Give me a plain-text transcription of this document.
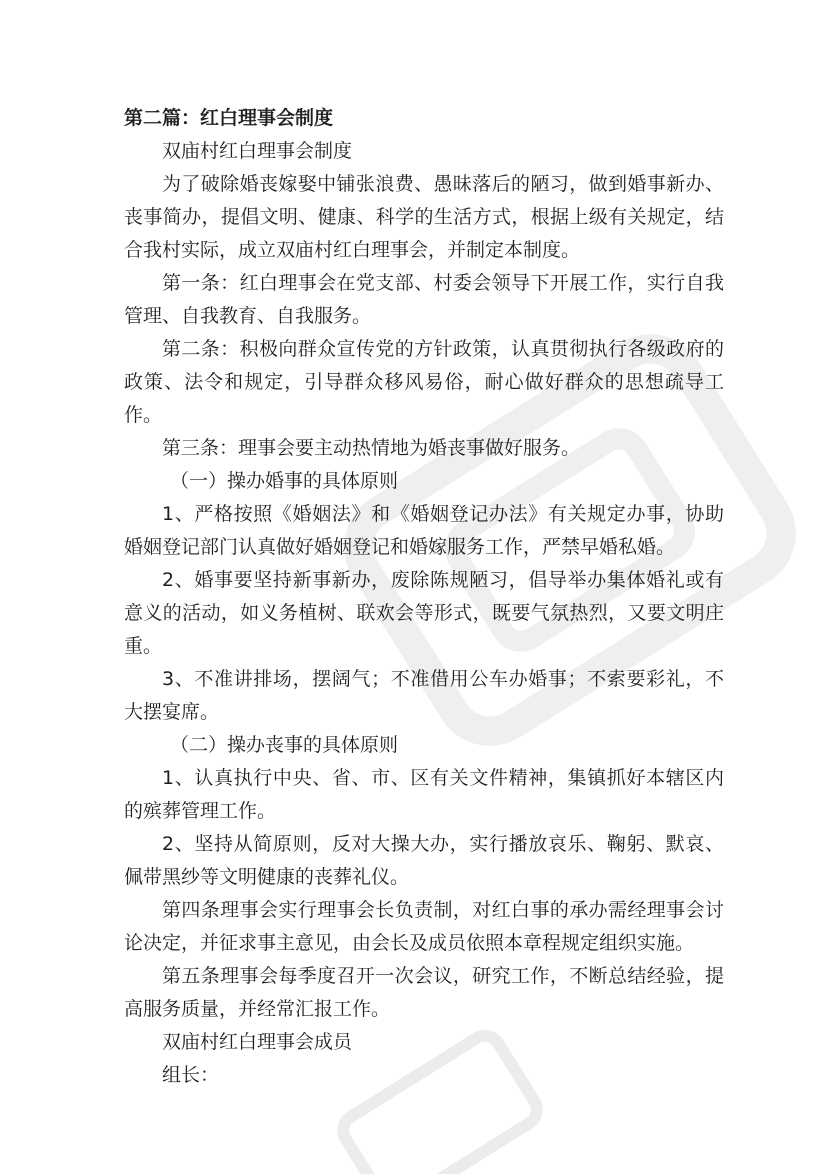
第二篇：红白理事会制度

双庙村红白理事会制度

为了破除婚丧嫁娶中铺张浪费、愚昧落后的陋习，做到婚事新办、丧事简办，提倡文明、健康、科学的生活方式，根据上级有关规定，结合我村实际，成立双庙村红白理事会，并制定本制度。

第一条：红白理事会在党支部、村委会领导下开展工作，实行自我管理、自我教育、自我服务。

第二条：积极向群众宣传党的方针政策，认真贯彻执行各级政府的政策、法令和规定，引导群众移风易俗，耐心做好群众的思想疏导工作。

第三条：理事会要主动热情地为婚丧事做好服务。

（一）操办婚事的具体原则

1、严格按照《婚姻法》和《婚姻登记办法》有关规定办事，协助婚姻登记部门认真做好婚姻登记和婚嫁服务工作，严禁早婚私婚。

2、婚事要坚持新事新办，废除陈规陋习，倡导举办集体婚礼或有意义的活动，如义务植树、联欢会等形式，既要气氛热烈，又要文明庄重。

3、不准讲排场，摆阔气；不准借用公车办婚事；不索要彩礼，不大摆宴席。

（二）操办丧事的具体原则

1、认真执行中央、省、市、区有关文件精神，集镇抓好本辖区内的殡葬管理工作。

2、坚持从简原则，反对大操大办，实行播放哀乐、鞠躬、默哀、佩带黑纱等文明健康的丧葬礼仪。

第四条理事会实行理事会长负责制，对红白事的承办需经理事会讨论决定，并征求事主意见，由会长及成员依照本章程规定组织实施。

第五条理事会每季度召开一次会议，研究工作，不断总结经验，提高服务质量，并经常汇报工作。

双庙村红白理事会成员

组长：
